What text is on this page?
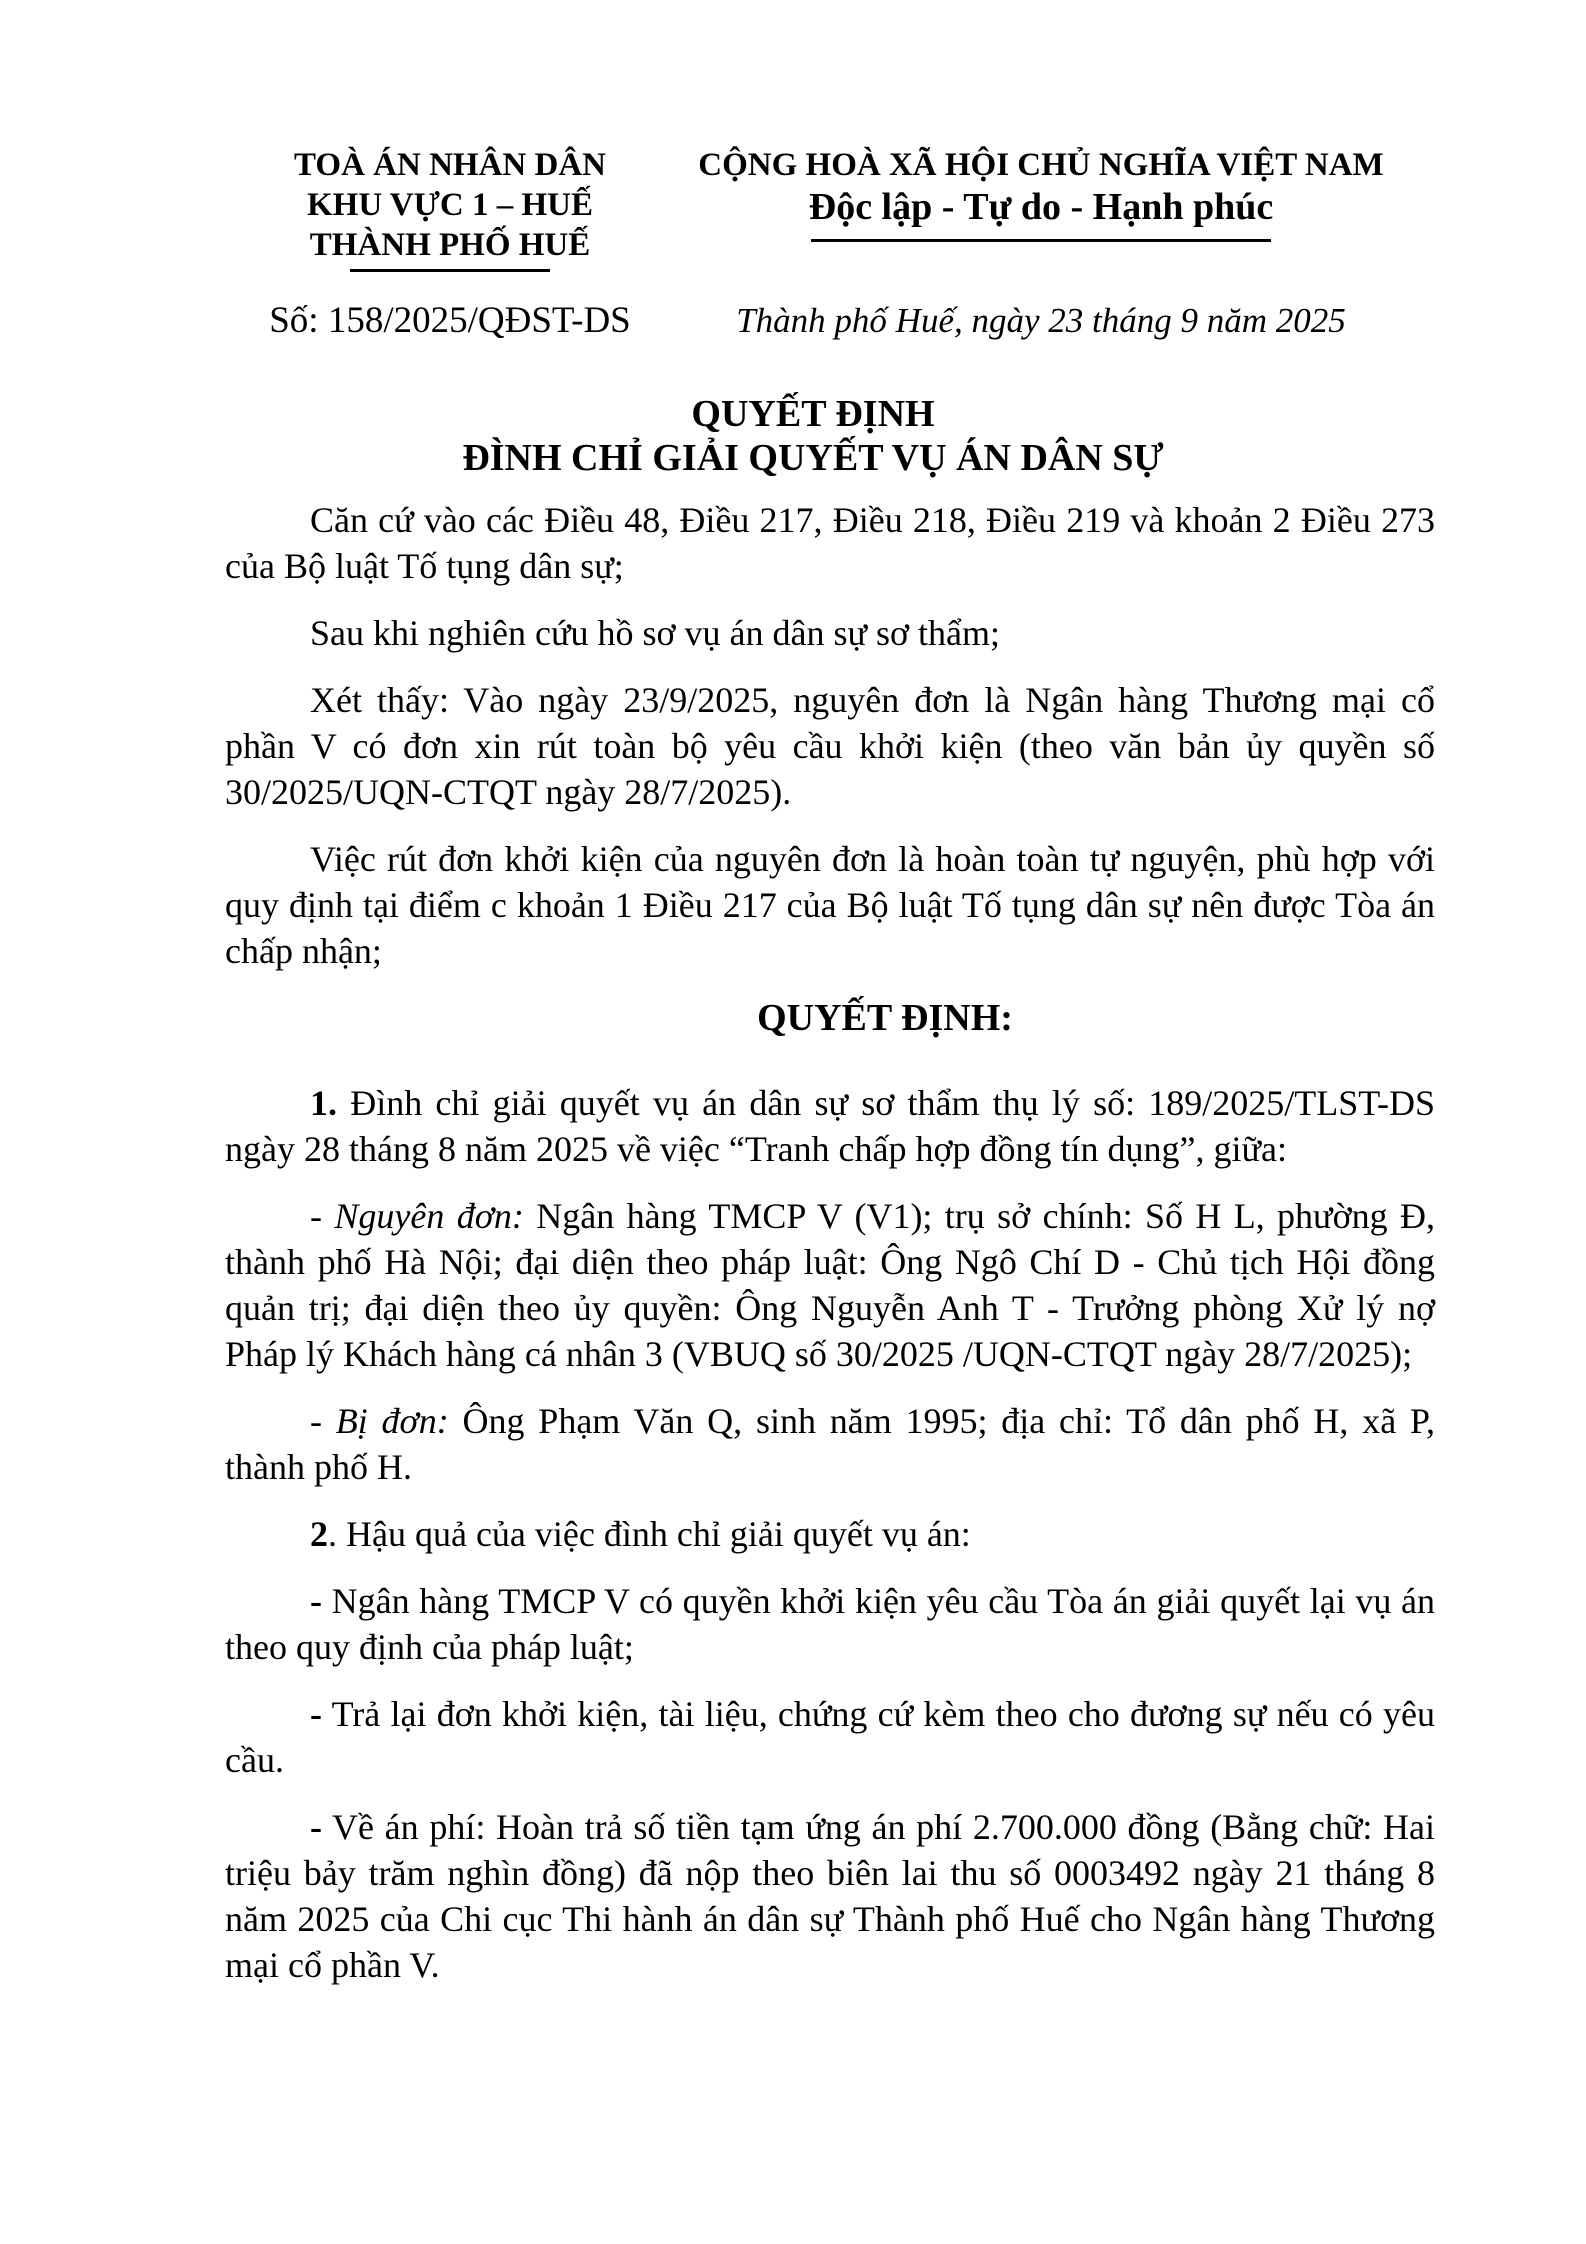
TOÀ ÁN NHÂN DÂN
KHU VỰC 1 – HUẾ
THÀNH PHỐ HUẾ
CỘNG HOÀ XÃ HỘI CHỦ NGHĨA VIỆT NAM
Độc lập - Tự do - Hạnh phúc
Số: 158/2025/QĐST-DS	Thành phố Huế, ngày 23 tháng 9 năm 2025
QUYẾT ĐỊNH
ĐÌNH CHỈ GIẢI QUYẾT VỤ ÁN DÂN SỰ

Căn cứ vào các Điều 48, Điều 217, Điều 218, Điều 219 và khoản 2 Điều 273 của Bộ luật Tố tụng dân sự;

Sau khi nghiên cứu hồ sơ vụ án dân sự sơ thẩm;

Xét thấy: Vào ngày 23/9/2025, nguyên đơn là Ngân hàng Thương mại cổ phần V có đơn xin rút toàn bộ yêu cầu khởi kiện (theo văn bản ủy quyền số 30/2025/UQN-CTQT ngày 28/7/2025).

Việc rút đơn khởi kiện của nguyên đơn là hoàn toàn tự nguyện, phù hợp với quy định tại điểm c khoản 1 Điều 217 của Bộ luật Tố tụng dân sự nên được Tòa án chấp nhận;

QUYẾT ĐỊNH:

1. Đình chỉ giải quyết vụ án dân sự sơ thẩm thụ lý số: 189/2025/TLST-DS ngày 28 tháng 8 năm 2025 về việc “Tranh chấp hợp đồng tín dụng”, giữa:

- Nguyên đơn: Ngân hàng TMCP V (V1); trụ sở chính: Số H L, phường Đ, thành phố Hà Nội; đại diện theo pháp luật: Ông Ngô Chí D - Chủ tịch Hội đồng quản trị; đại diện theo ủy quyền: Ông Nguyễn Anh T - Trưởng phòng Xử lý nợ Pháp lý Khách hàng cá nhân 3 (VBUQ số 30/2025 /UQN-CTQT ngày 28/7/2025);

- Bị đơn: Ông Phạm Văn Q, sinh năm 1995; địa chỉ: Tổ dân phố H, xã P, thành phố H.

2. Hậu quả của việc đình chỉ giải quyết vụ án:

- Ngân hàng TMCP V có quyền khởi kiện yêu cầu Tòa án giải quyết lại vụ án theo quy định của pháp luật;

- Trả lại đơn khởi kiện, tài liệu, chứng cứ kèm theo cho đương sự nếu có yêu cầu.

- Về án phí: Hoàn trả số tiền tạm ứng án phí 2.700.000 đồng (Bằng chữ: Hai triệu bảy trăm nghìn đồng) đã nộp theo biên lai thu số 0003492 ngày 21 tháng 8 năm 2025 của Chi cục Thi hành án dân sự Thành phố Huế cho Ngân hàng Thương mại cổ phần V.
